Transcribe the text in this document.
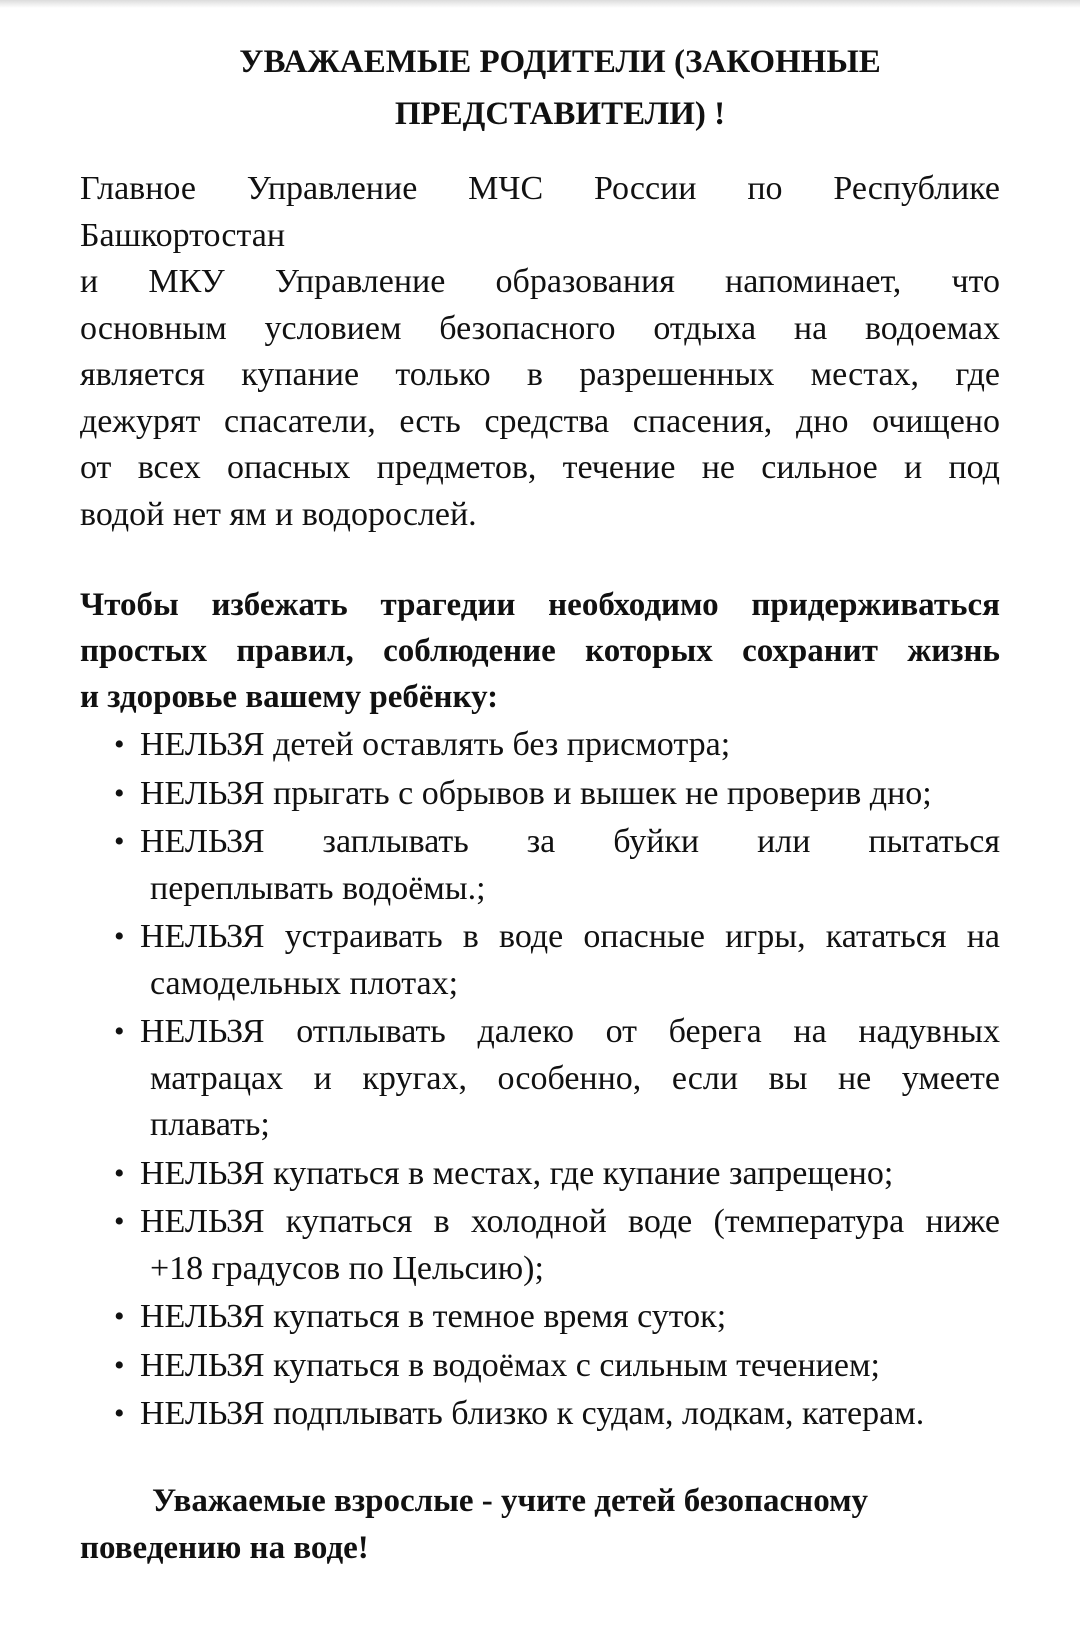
УВАЖАЕМЫЕ РОДИТЕЛИ (ЗАКОННЫЕ
ПРЕДСТАВИТЕЛИ) !
Главное Управление МЧС России по Республике
Башкортостан
и МКУ Управление образования напоминает, что
основным условием безопасного отдыха на водоемах
является купание только в разрешенных местах, где
дежурят спасатели, есть средства спасения, дно очищено
от всех опасных предметов, течение не сильное и под
водой нет ям и водорослей.
Чтобы избежать трагедии необходимо придерживаться
простых правил, соблюдение которых сохранит жизнь
и здоровье вашему ребёнку:
• НЕЛЬЗЯ детей оставлять без присмотра;
• НЕЛЬЗЯ прыгать с обрывов и вышек не проверив дно;
• НЕЛЬЗЯ заплывать за буйки или пытаться
переплывать водоёмы.;
• НЕЛЬЗЯ устраивать в воде опасные игры, кататься на
самодельных плотах;
• НЕЛЬЗЯ отплывать далеко от берега на надувных
матрацах и кругах, особенно, если вы не умеете
плавать;
• НЕЛЬЗЯ купаться в местах, где купание запрещено;
• НЕЛЬЗЯ купаться в холодной воде (температура ниже
+18 градусов по Цельсию);
• НЕЛЬЗЯ купаться в темное время суток;
• НЕЛЬЗЯ купаться в водоёмах с сильным течением;
• НЕЛЬЗЯ подплывать близко к судам, лодкам, катерам.
Уважаемые взрослые - учите детей безопасному
поведению на воде!
